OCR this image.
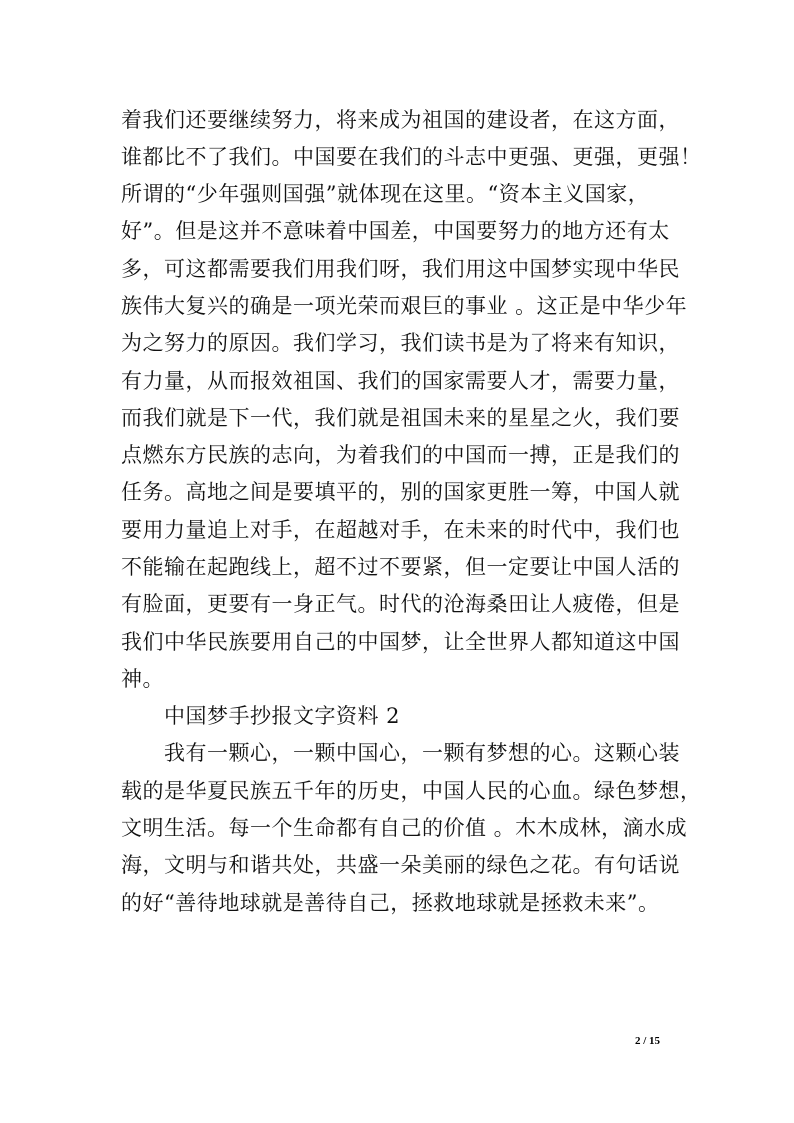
着我们还要继续努力，将来成为祖国的建设者，在这方面，
谁都比不了我们。中国要在我们的斗志中更强、更强，更强！
所谓的“少年强则国强”就体现在这里。“资本主义国家，
好”。但是这并不意味着中国差，中国要努力的地方还有太
多，可这都需要我们用我们呀，我们用这中国梦实现中华民
族伟大复兴的确是一项光荣而艰巨的事业 。这正是中华少年
为之努力的原因。我们学习，我们读书是为了将来有知识，
有力量，从而报效祖国、我们的国家需要人才，需要力量，
而我们就是下一代，我们就是祖国未来的星星之火，我们要
点燃东方民族的志向，为着我们的中国而一搏，正是我们的
任务。高地之间是要填平的，别的国家更胜一筹，中国人就
要用力量追上对手，在超越对手，在未来的时代中，我们也
不能输在起跑线上，超不过不要紧，但一定要让中国人活的
有脸面，更要有一身正气。时代的沧海桑田让人疲倦，但是
我们中华民族要用自己的中国梦，让全世界人都知道这中国
神。
中国梦手抄报文字资料 2
我有一颗心，一颗中国心，一颗有梦想的心。这颗心装
载的是华夏民族五千年的历史，中国人民的心血。绿色梦想，
文明生活。每一个生命都有自己的价值 。木木成林，滴水成
海，文明与和谐共处，共盛一朵美丽的绿色之花。有句话说
的好“善待地球就是善待自己，拯救地球就是拯救未来”。
2 / 15
